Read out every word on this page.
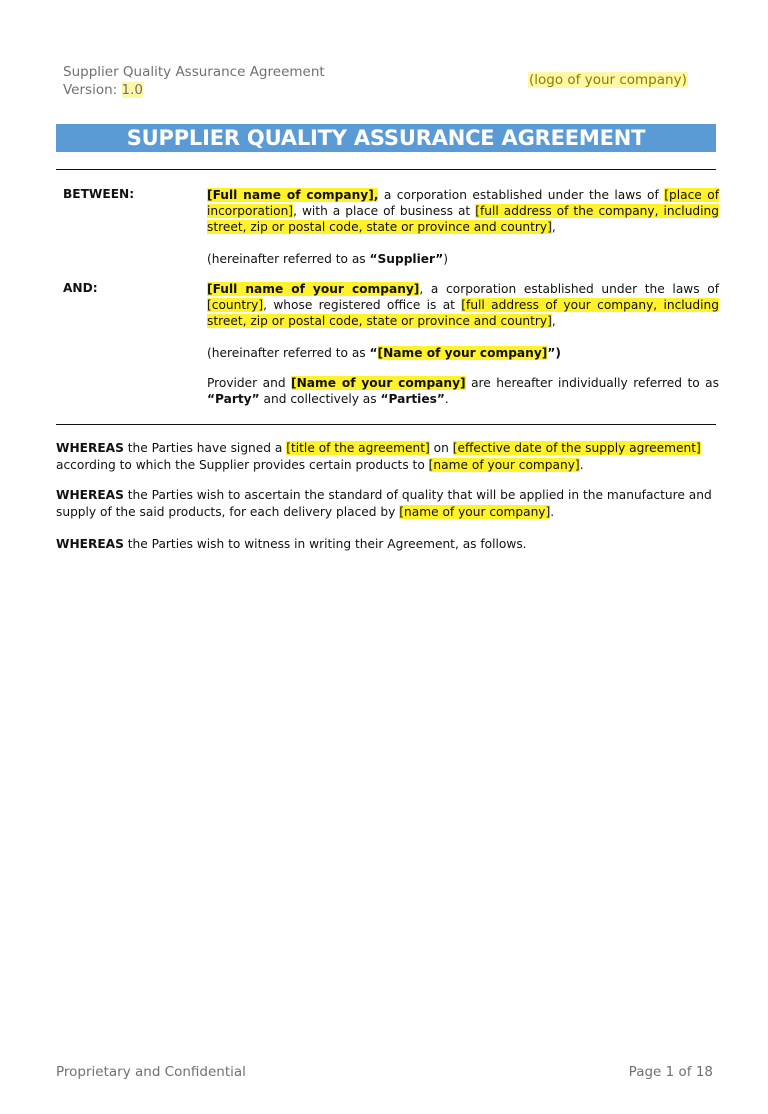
Supplier Quality Assurance Agreement
Version: 1.0
(logo of your company)
SUPPLIER QUALITY ASSURANCE AGREEMENT
BETWEEN:	[Full name of company], a corporation established under the laws of [place of incorporation], with a place of business at [full address of the company, including street, zip or postal code, state or province and country],
(hereinafter referred to as “Supplier”)
AND:	[Full name of your company], a corporation established under the laws of [country], whose registered office is at [full address of your company, including street, zip or postal code, state or province and country],
(hereinafter referred to as “[Name of your company]”)
Provider and [Name of your company] are hereafter individually referred to as “Party” and collectively as “Parties”.
WHEREAS the Parties have signed a [title of the agreement] on [effective date of the supply agreement] according to which the Supplier provides certain products to [name of your company].
WHEREAS the Parties wish to ascertain the standard of quality that will be applied in the manufacture and supply of the said products, for each delivery placed by [name of your company].
WHEREAS the Parties wish to witness in writing their Agreement, as follows.
Proprietary and Confidential	Page 1 of 18
